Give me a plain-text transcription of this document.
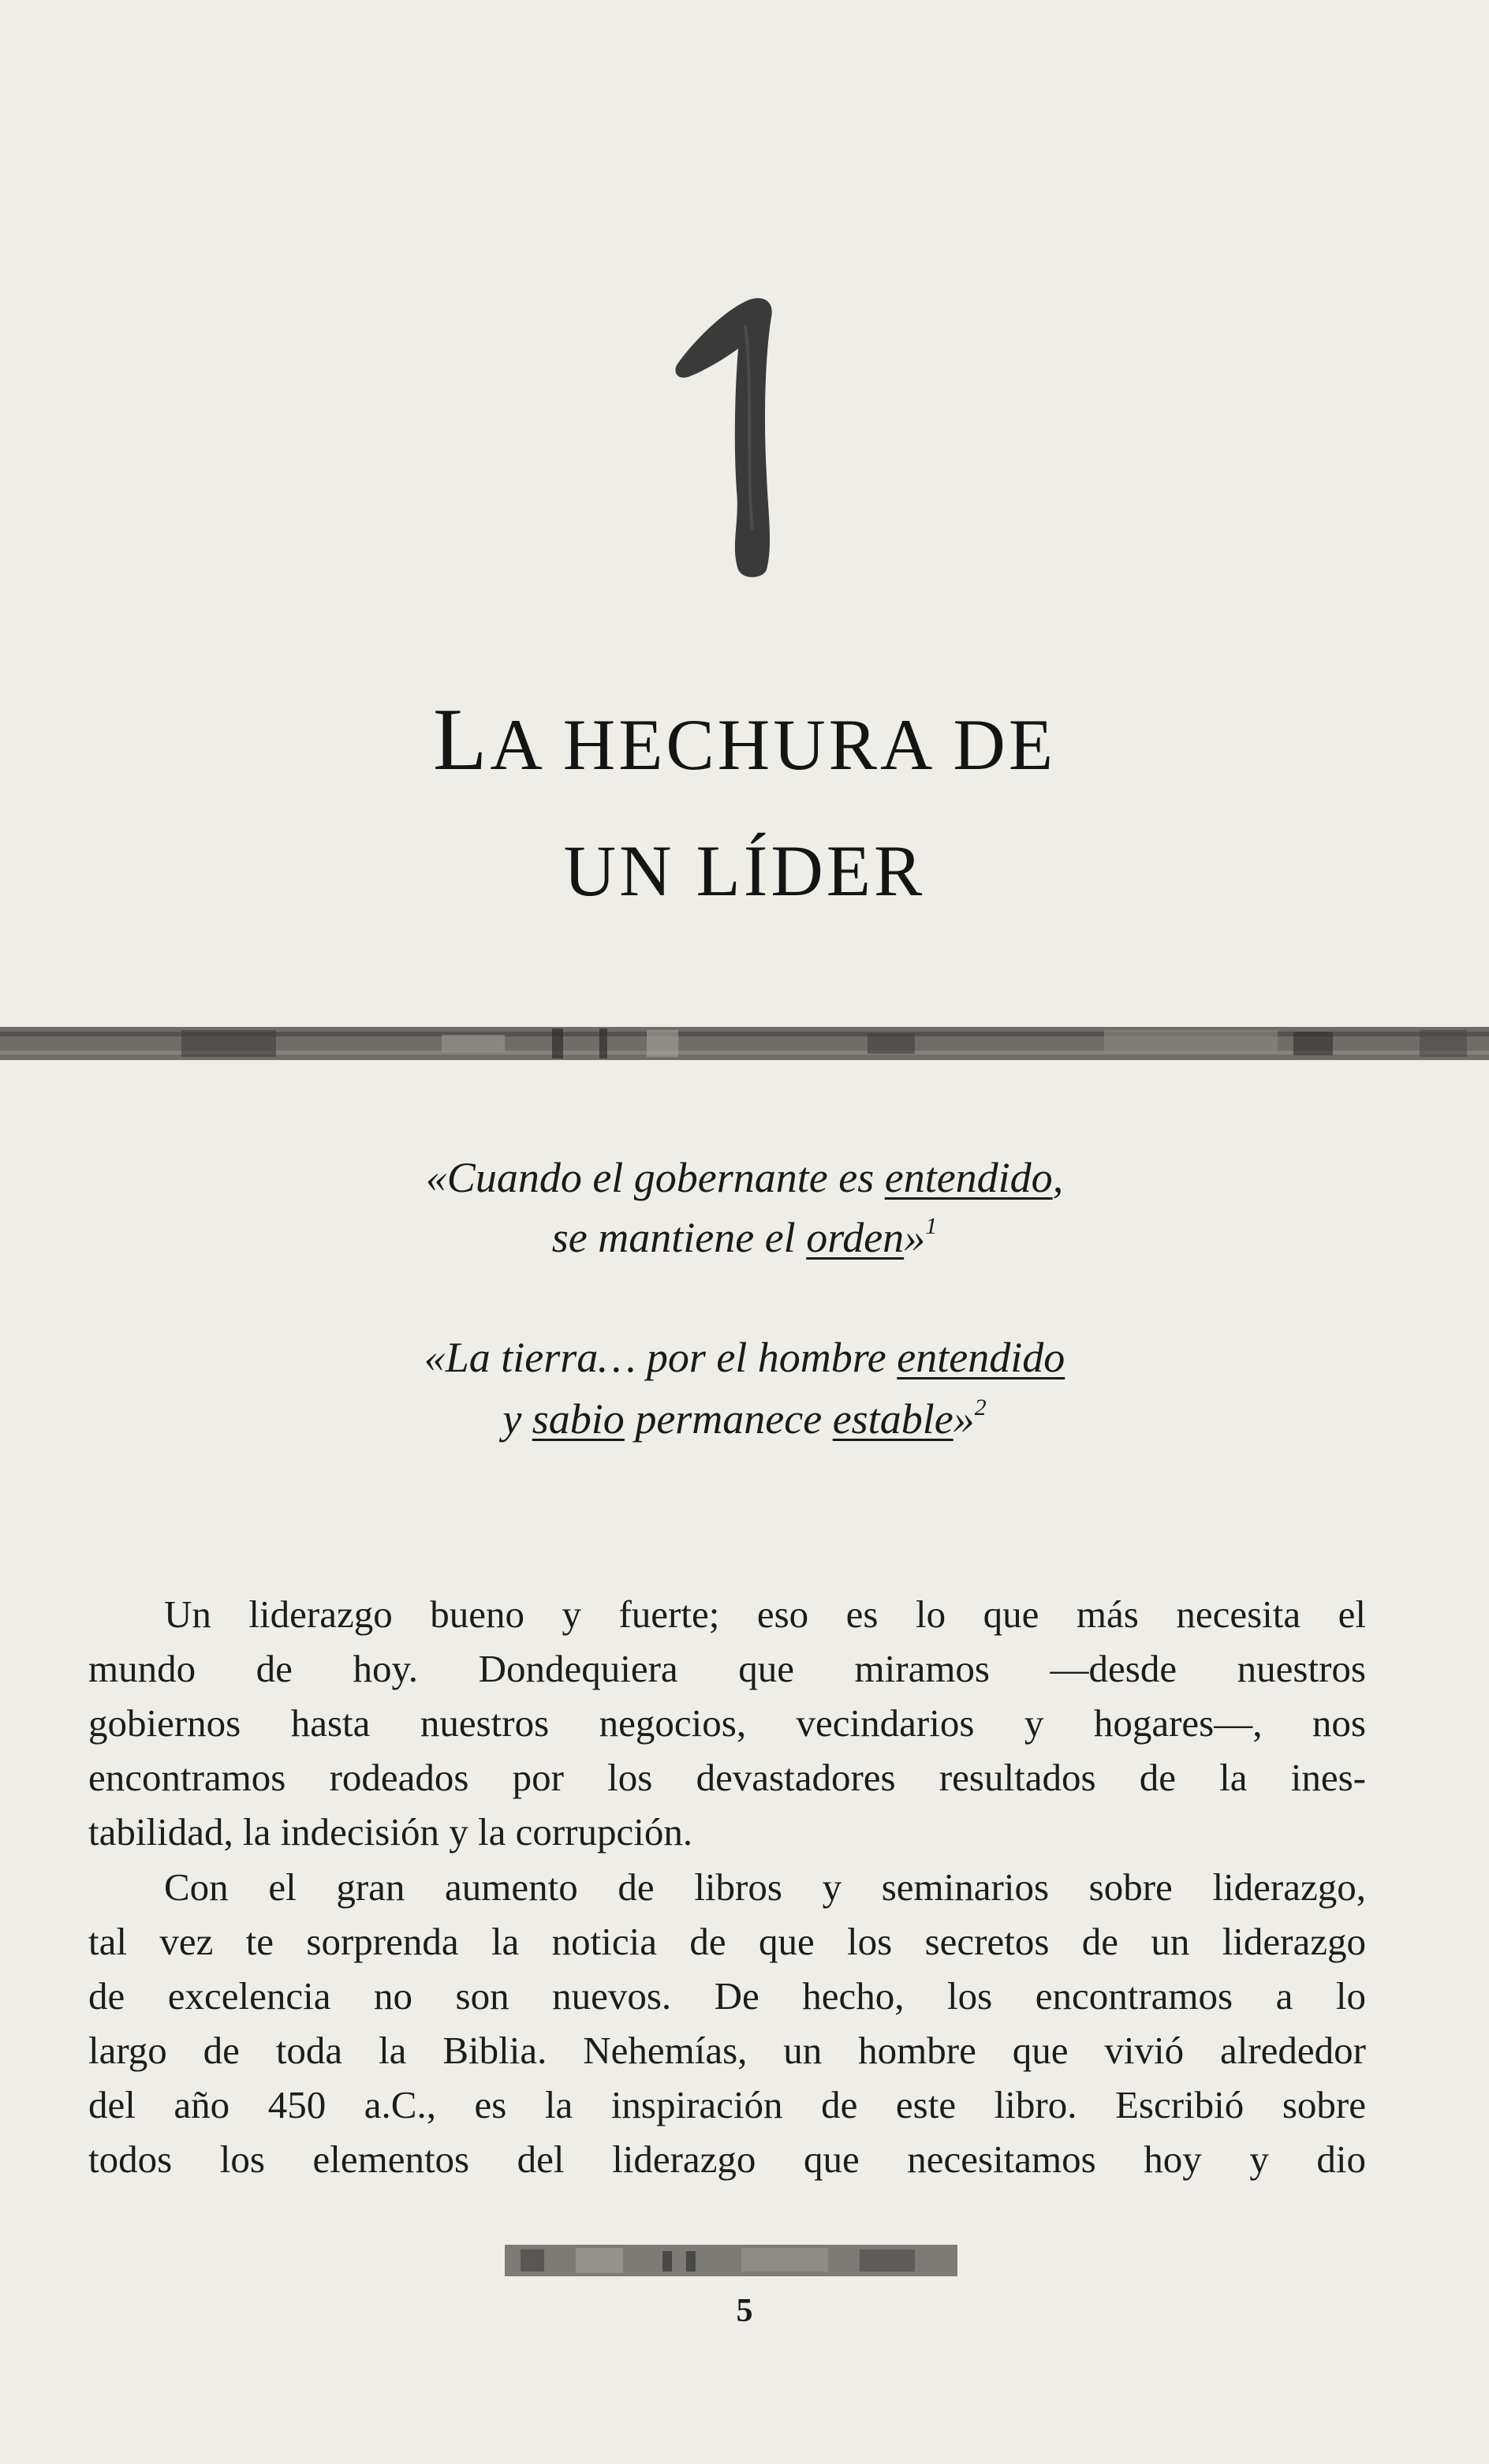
LA HECHURA DE
UN LÍDER
«Cuando el gobernante es entendido,
se mantiene el orden»$^1$
«La tierra… por el hombre entendido
y sabio permanece estable»$^2$
Un liderazgo bueno y fuerte; eso es lo que más necesita el
mundo de hoy. Dondequiera que miramos —desde nuestros
gobiernos hasta nuestros negocios, vecindarios y hogares—, nos
encontramos rodeados por los devastadores resultados de la ines-
tabilidad, la indecisión y la corrupción.
Con el gran aumento de libros y seminarios sobre liderazgo,
tal vez te sorprenda la noticia de que los secretos de un liderazgo
de excelencia no son nuevos. De hecho, los encontramos a lo
largo de toda la Biblia. Nehemías, un hombre que vivió alrededor
del año 450 a.C., es la inspiración de este libro. Escribió sobre
todos los elementos del liderazgo que necesitamos hoy y dio
5
